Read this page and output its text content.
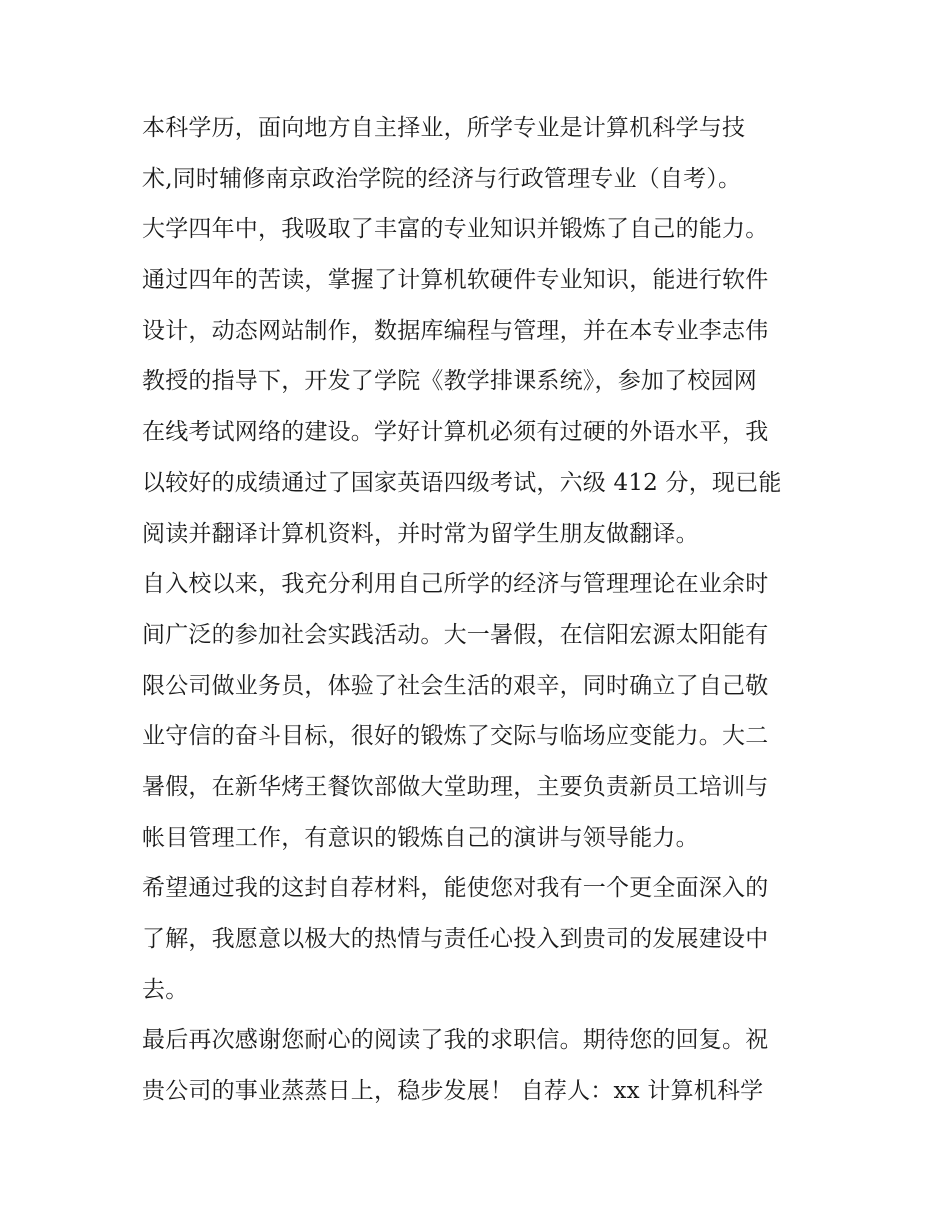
本科学历，面向地方自主择业，所学专业是计算机科学与技
术,同时辅修南京政治学院的经济与行政管理专业（自考）。
大学四年中，我吸取了丰富的专业知识并锻炼了自己的能力。
通过四年的苦读，掌握了计算机软硬件专业知识，能进行软件
设计，动态网站制作，数据库编程与管理，并在本专业李志伟
教授的指导下，开发了学院《教学排课系统》，参加了校园网
在线考试网络的建设。学好计算机必须有过硬的外语水平，我
以较好的成绩通过了国家英语四级考试，六级 412 分，现已能
阅读并翻译计算机资料，并时常为留学生朋友做翻译。
自入校以来，我充分利用自己所学的经济与管理理论在业余时
间广泛的参加社会实践活动。大一暑假，在信阳宏源太阳能有
限公司做业务员，体验了社会生活的艰辛，同时确立了自己敬
业守信的奋斗目标，很好的锻炼了交际与临场应变能力。大二
暑假，在新华烤王餐饮部做大堂助理，主要负责新员工培训与
帐目管理工作，有意识的锻炼自己的演讲与领导能力。
希望通过我的这封自荐材料，能使您对我有一个更全面深入的
了解，我愿意以极大的热情与责任心投入到贵司的发展建设中
去。
最后再次感谢您耐心的阅读了我的求职信。期待您的回复。祝
贵公司的事业蒸蒸日上，稳步发展！ 自荐人：xx 计算机科学
